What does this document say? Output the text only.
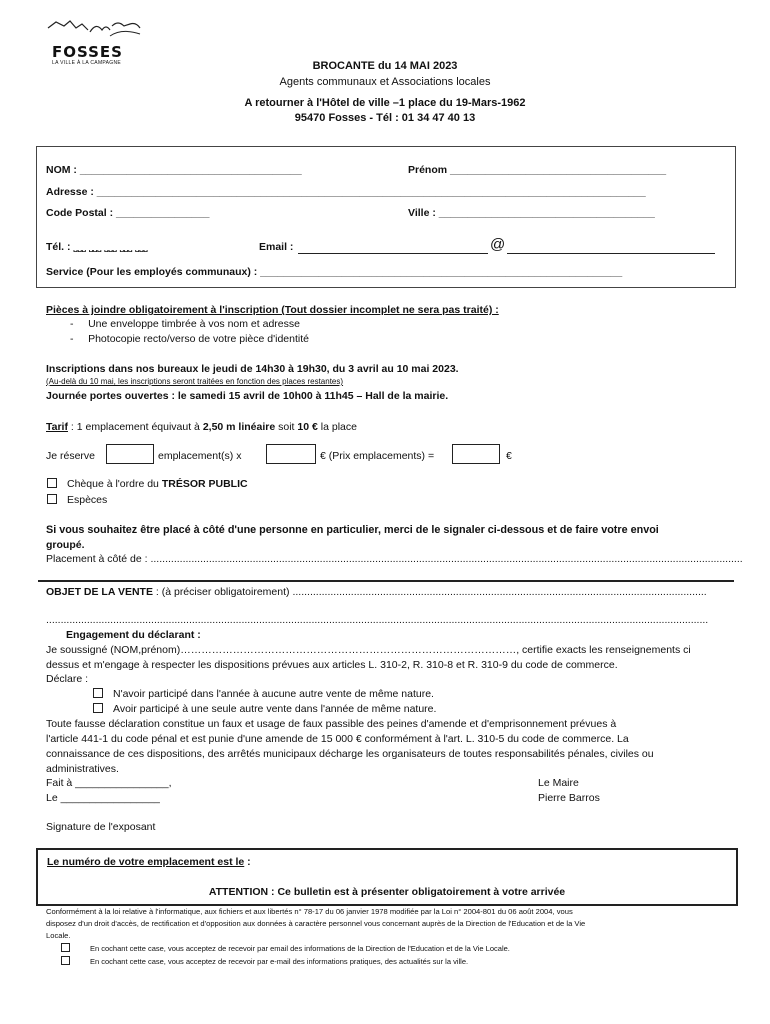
FOSSES
LA VILLE À LA CAMPAGNE	BROCANTE du 14 MAI 2023
Agents communaux et Associations locales
A retourner à l'Hôtel de ville –1 place du 19-Mars-1962
95470 Fosses - Tél : 01 34 47 40 13
NOM : ______________________________________	Prénom _____________________________________
Adresse : ______________________________________________________________________________________________
Code Postal : ________________	Ville : _____________________________________
Tél. : ˽˽˽ ˽˽˽ ˽˽˽ ˽˽˽ ˽˽˽	Email :	@
Service (Pour les employés communaux) : ______________________________________________________________
Pièces à joindre obligatoirement à l'inscription (Tout dossier incomplet ne sera pas traité) :
-     Une enveloppe timbrée à vos nom et adresse
-     Photocopie recto/verso de votre pièce d'identité
Inscriptions dans nos bureaux le jeudi de 14h30 à 19h30, du 3 avril au 10 mai 2023.
(Au-delà du 10 mai, les inscriptions seront traitées en fonction des places restantes)
Journée portes ouvertes : le samedi 15 avril de 10h00 à 11h45 – Hall de la mairie.
Tarif : 1 emplacement équivaut à 2,50 m linéaire soit 10 € la place
Je réserve	emplacement(s) x	€ (Prix emplacements) =	€
Chèque à l'ordre du TRÉSOR PUBLIC
Espèces
Si vous souhaitez être placé à côté d'une personne en particulier, merci de le signaler ci-dessous et de faire votre envoi
groupé.
Placement à côté de : ...........................................................................................................................................................................................................
OBJET DE LA VENTE : (à préciser obligatoirement) ..............................................................................................................................................
...................................................................................................................................................................................................................................
Engagement du déclarant :
Je soussigné (NOM,prénom)……………………………………………………………………………………, certifie exacts les renseignements ci
dessus et m'engage à respecter les dispositions prévues aux articles L. 310-2, R. 310-8 et R. 310-9 du code de commerce.
Déclare :
N'avoir participé dans l'année à aucune autre vente de même nature.
Avoir participé à une seule autre vente dans l'année de même nature.
Toute fausse déclaration constitue un faux et usage de faux passible des peines d'amende et d'emprisonnement prévues à
l'article 441-1 du code pénal et est punie d'une amende de 15 000 € conformément à l'art. L. 310-5 du code de commerce. La
connaissance de ces dispositions, des arrêtés municipaux décharge les organisateurs de toutes responsabilités pénales, civiles ou
administratives.
Fait à ________________,
Le _________________
Le Maire
Pierre Barros
Signature de l'exposant
Le numéro de votre emplacement est le :
ATTENTION : Ce bulletin est à présenter obligatoirement à votre arrivée
Conformément à la loi relative à l'informatique, aux fichiers et aux libertés n° 78-17 du 06 janvier 1978 modifiée par la Loi n° 2004-801 du 06 août 2004, vous
disposez d'un droit d'accès, de rectification et d'opposition aux données à caractère personnel vous concernant auprès de la Direction de l'Education et de la Vie
Locale.
En cochant cette case, vous acceptez de recevoir par email des informations de la Direction de l'Education et de la Vie Locale.
En cochant cette case, vous acceptez de recevoir par e-mail des informations pratiques, des actualités sur la ville.
